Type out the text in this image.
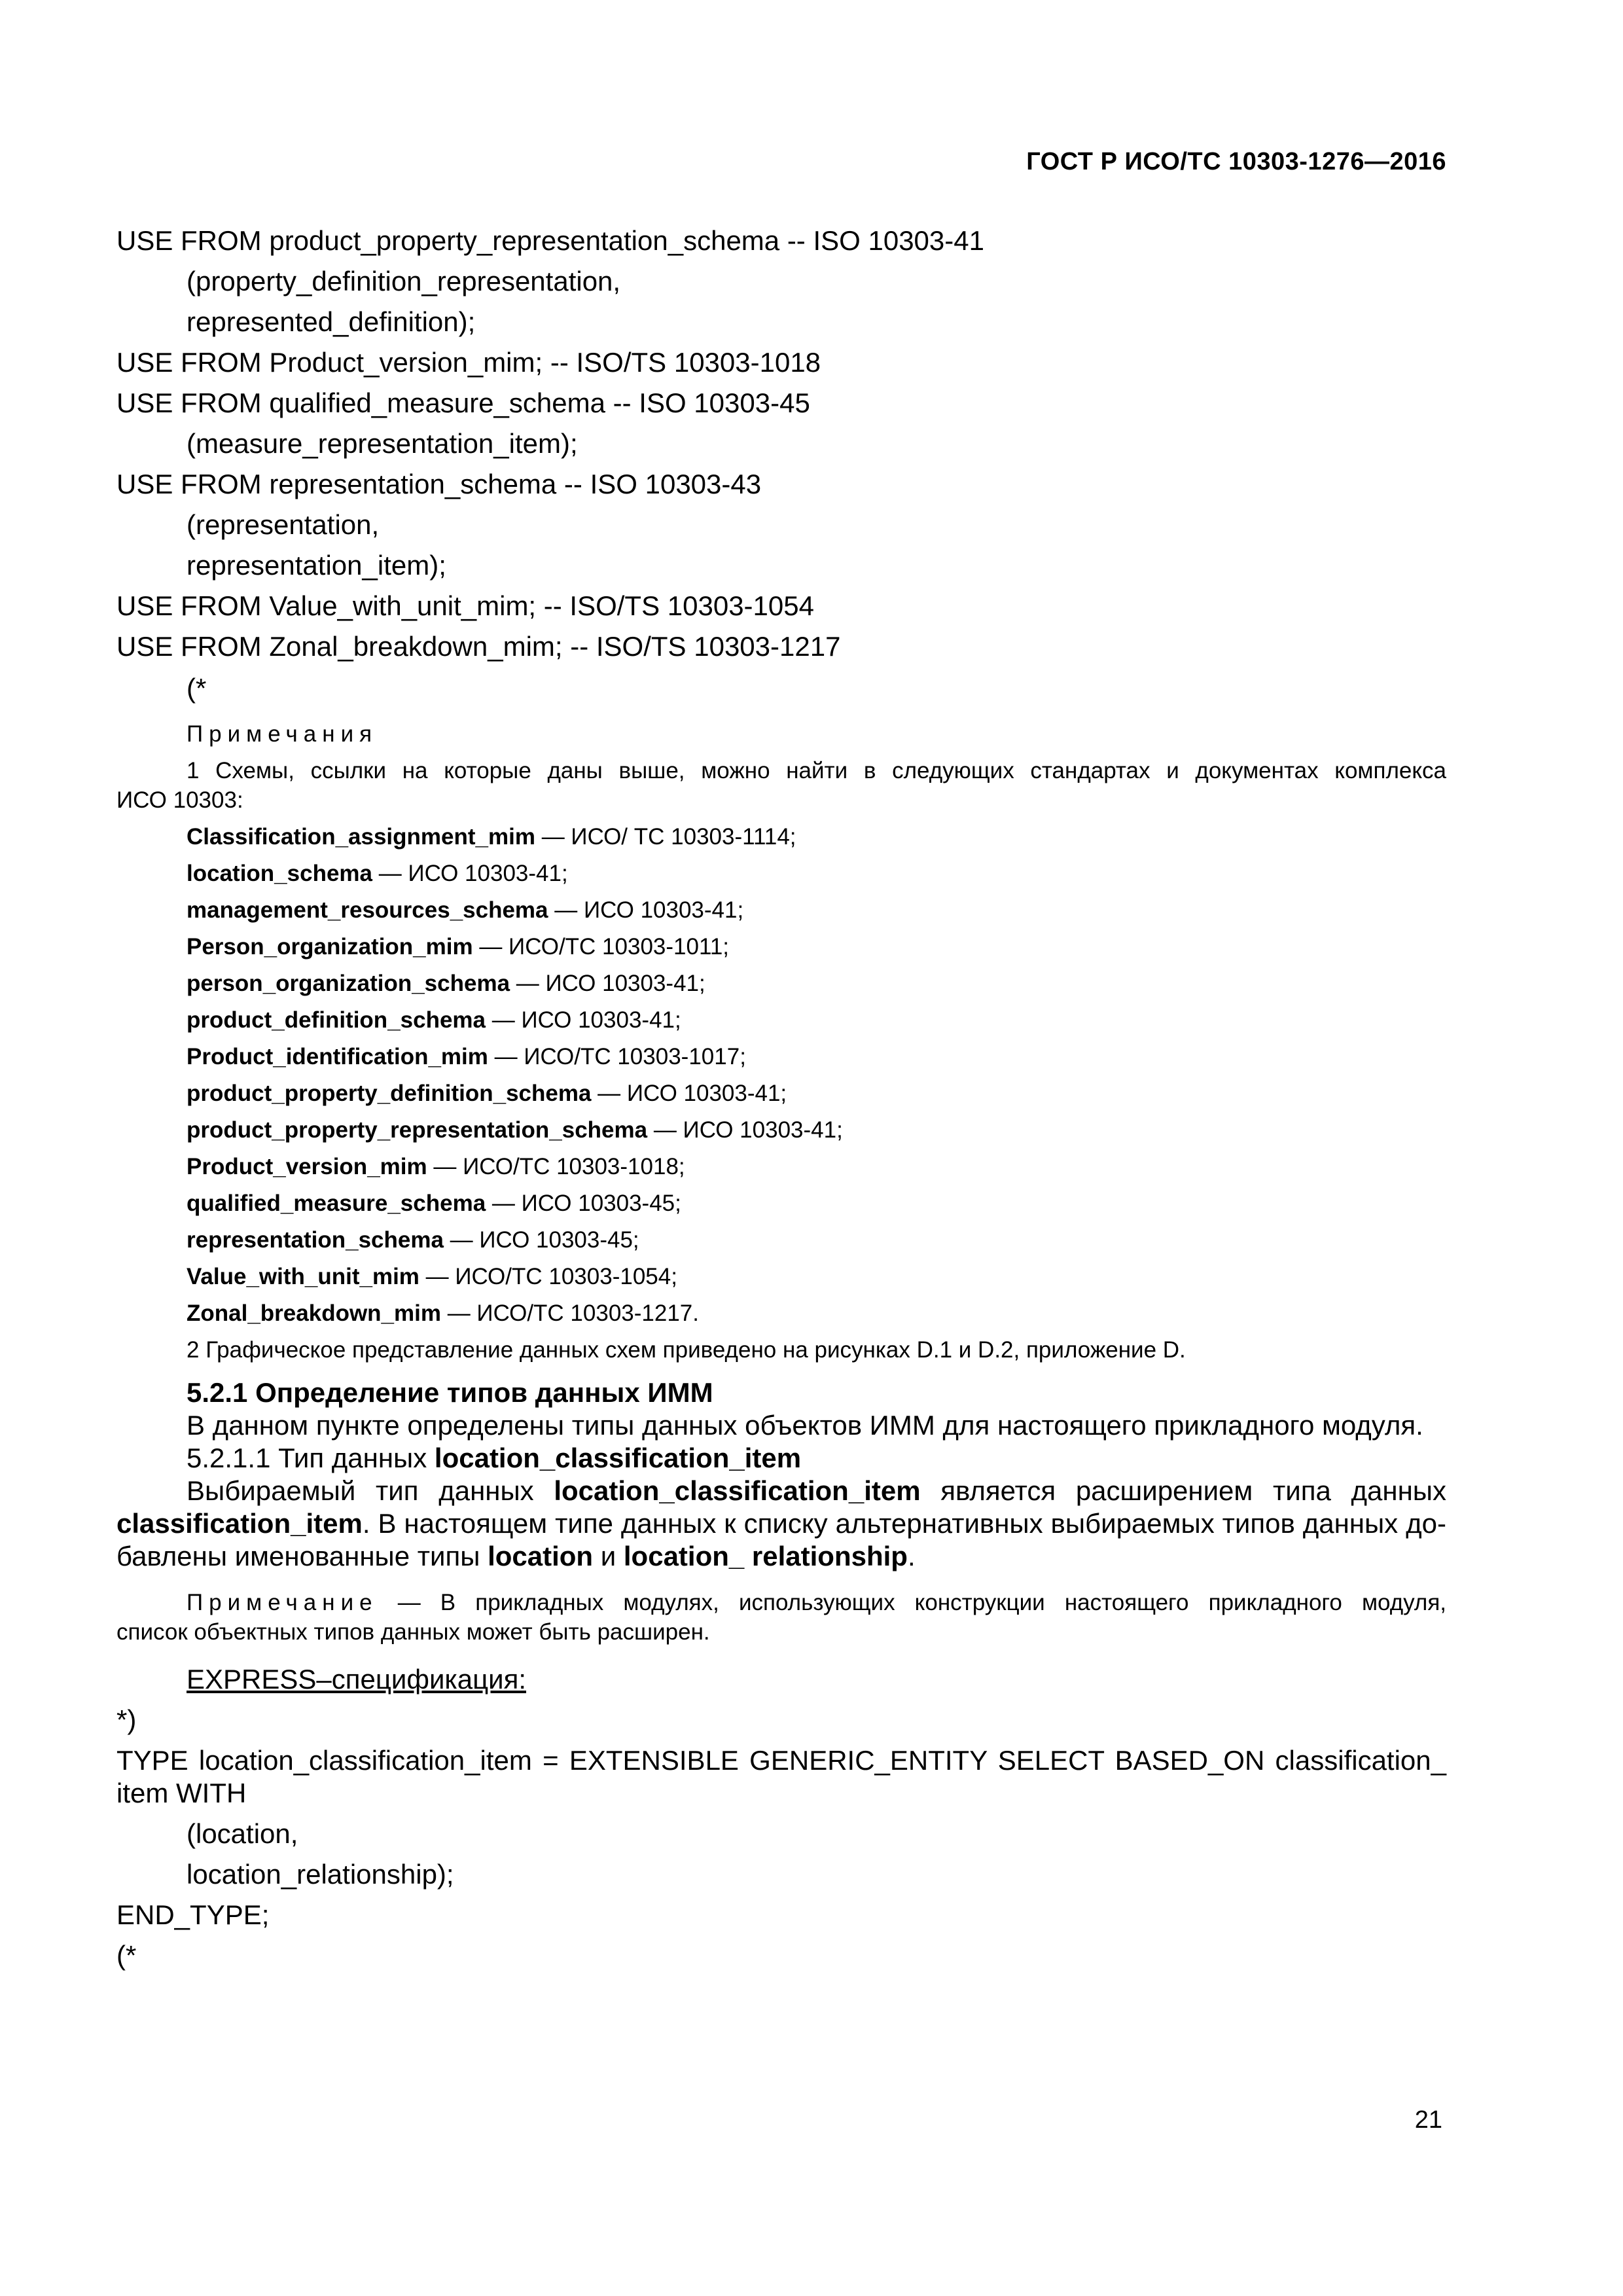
ГОСТ Р ИСО/ТС 10303-1276—2016
USE FROM product_property_representation_schema -- ISO 10303-41
(property_definition_representation,
represented_definition);
USE FROM Product_version_mim; -- ISO/TS 10303-1018
USE FROM qualified_measure_schema -- ISO 10303-45
(measure_representation_item);
USE FROM representation_schema -- ISO 10303-43
(representation,
representation_item);
USE FROM Value_with_unit_mim; -- ISO/TS 10303-1054
USE FROM Zonal_breakdown_mim; -- ISO/TS 10303-1217
(*
Примечания
1 Схемы, ссылки на которые даны выше, можно найти в следующих стандартах и документах комплекса
ИСО 10303:
Classification_assignment_mim — ИСО/ ТС 10303-1114;
location_schema — ИСО 10303-41;
management_resources_schema — ИСО 10303-41;
Person_organization_mim — ИСО/ТС 10303-1011;
person_organization_schema — ИСО 10303-41;
product_definition_schema — ИСО 10303-41;
Product_identification_mim — ИСО/ТС 10303-1017;
product_property_definition_schema — ИСО 10303-41;
product_property_representation_schema — ИСО 10303-41;
Product_version_mim — ИСО/ТС 10303-1018;
qualified_measure_schema — ИСО 10303-45;
representation_schema — ИСО 10303-45;
Value_with_unit_mim — ИСО/ТС 10303-1054;
Zonal_breakdown_mim — ИСО/ТС 10303-1217.
2 Графическое представление данных схем приведено на рисунках D.1 и D.2, приложение D.
5.2.1 Определение типов данных ИММ
В данном пункте определены типы данных объектов ИММ для настоящего прикладного модуля.
5.2.1.1 Тип данных location_classification_item
Выбираемый тип данных location_classification_item является расширением типа данных
classification_item. В настоящем типе данных к списку альтернативных выбираемых типов данных до-
бавлены именованные типы location и location_ relationship.
Примечание — В прикладных модулях, использующих конструкции настоящего прикладного модуля,
список объектных типов данных может быть расширен.
EXPRESS–спецификация:
*)
TYPE location_classification_item = EXTENSIBLE GENERIC_ENTITY SELECT BASED_ON classification_
item WITH
(location,
location_relationship);
END_TYPE;
(*
21
